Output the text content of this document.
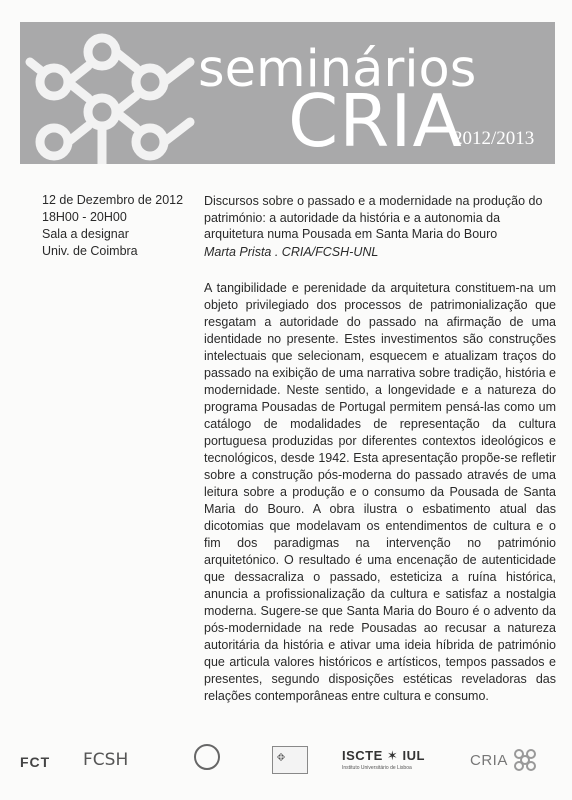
seminários
CRIA
2012/2013
12 de Dezembro de 2012
18H00 - 20H00
Sala a designar
Univ. de Coimbra

Discursos sobre o passado e a modernidade na produção do património: a autoridade da história e a autonomia da arquitetura numa Pousada em Santa Maria do Bouro

Marta Prista . CRIA/FCSH-UNL

A tangibilidade e perenidade da arquitetura constituem-na um objeto privilegiado dos processos de patrimonialização que resgatam a autoridade do passado na afirmação de uma identidade no presente. Estes investimentos são construções intelectuais que selecionam, esquecem e atualizam traços do passado na exibição de uma narrativa sobre tradição, história e modernidade. Neste sentido, a longevidade e a natureza do programa Pousadas de Portugal permitem pensá-las como um catálogo de modalidades de representação da cultura portuguesa produzidas por diferentes contextos ideológicos e tecnológicos, desde 1942. Esta apresentação propõe-se refletir sobre a construção pós-moderna do passado através de uma leitura sobre a produção e o consumo da Pousada de Santa Maria do Bouro. A obra ilustra o esbatimento atual das dicotomias que modelavam os entendimentos de cultura e o fim dos paradigmas na intervenção no património arquitetónico. O resultado é uma encenação de autenticidade que dessacraliza o passado, esteticiza a ruína histórica, anuncia a profissionalização da cultura e satisfaz a nostalgia moderna. Sugere-se que Santa Maria do Bouro é o advento da pós-modernidade na rede Pousadas ao recusar a natureza autoritária da história e ativar uma ideia híbrida de património que articula valores históricos e artísticos, tempos passados e presentes, segundo disposições estéticas reveladoras das relações contemporâneas entre cultura e consumo.

FCT FCSH	ISCTE ✶ IUL
Instituto Universitário de Lisboa	CRIA
